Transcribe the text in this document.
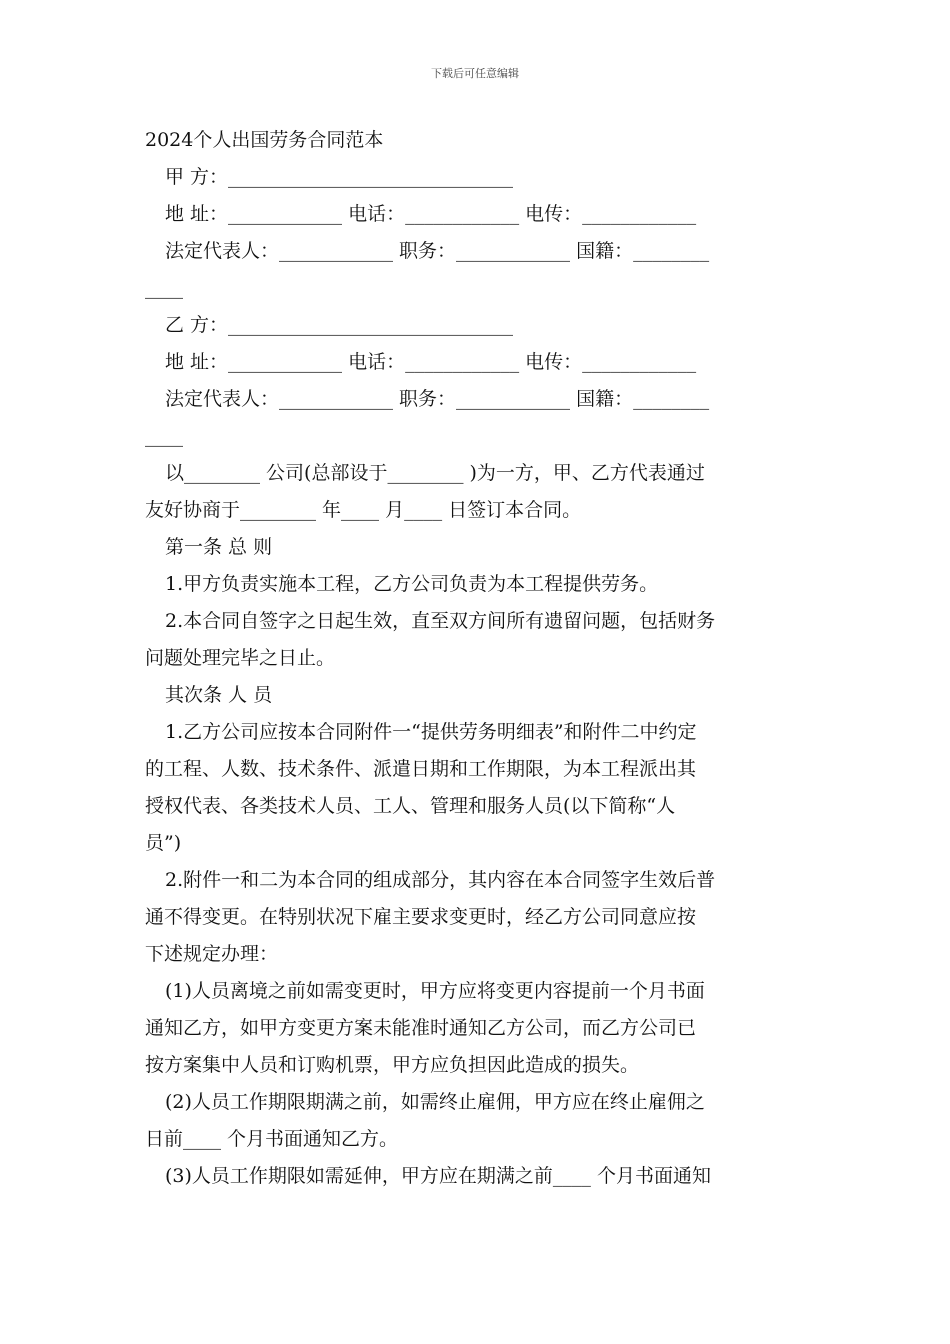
下载后可任意编辑
2024个人出国劳务合同范本
甲 方：______________________________
地 址：____________ 电话：____________ 电传：____________
法定代表人：____________ 职务：____________ 国籍：________
____
乙 方：______________________________
地 址：____________ 电话：____________ 电传：____________
法定代表人：____________ 职务：____________ 国籍：________
____
以________ 公司(总部设于________ )为一方，甲、乙方代表通过
友好协商于________ 年____ 月____ 日签订本合同。
第一条 总 则
1.甲方负责实施本工程，乙方公司负责为本工程提供劳务。
2.本合同自签字之日起生效，直至双方间所有遗留问题，包括财务
问题处理完毕之日止。
其次条 人 员
1.乙方公司应按本合同附件一“提供劳务明细表”和附件二中约定
的工程、人数、技术条件、派遣日期和工作期限，为本工程派出其
授权代表、各类技术人员、工人、管理和服务人员(以下简称“人
员”)
2.附件一和二为本合同的组成部分，其内容在本合同签字生效后普
通不得变更。在特别状况下雇主要求变更时，经乙方公司同意应按
下述规定办理：
(1)人员离境之前如需变更时，甲方应将变更内容提前一个月书面
通知乙方，如甲方变更方案未能准时通知乙方公司，而乙方公司已
按方案集中人员和订购机票，甲方应负担因此造成的损失。
(2)人员工作期限期满之前，如需终止雇佣，甲方应在终止雇佣之
日前____ 个月书面通知乙方。
(3)人员工作期限如需延伸，甲方应在期满之前____ 个月书面通知
